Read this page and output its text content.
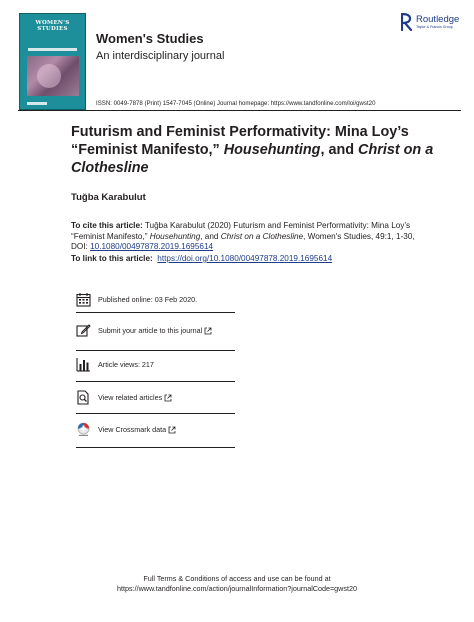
WOMEN'S STUDIES
Women's Studies
An interdisciplinary journal
Routledge
Taylor & Francis Group
ISSN: 0049-7878 (Print) 1547-7045 (Online) Journal homepage: https://www.tandfonline.com/loi/gwst20
Futurism and Feminist Performativity: Mina Loy’s “Feminist Manifesto,” Househunting, and Christ on a Clothesline
Tuğba Karabulut
To cite this article: Tuğba Karabulut (2020) Futurism and Feminist Performativity: Mina Loy’s “Feminist Manifesto,” Househunting, and Christ on a Clothesline, Women's Studies, 49:1, 1-30, DOI: 10.1080/00497878.2019.1695614
To link to this article: https://doi.org/10.1080/00497878.2019.1695614
Published online: 03 Feb 2020.
Submit your article to this journal
Article views: 217
View related articles
View Crossmark data
Full Terms & Conditions of access and use can be found at
https://www.tandfonline.com/action/journalInformation?journalCode=gwst20
